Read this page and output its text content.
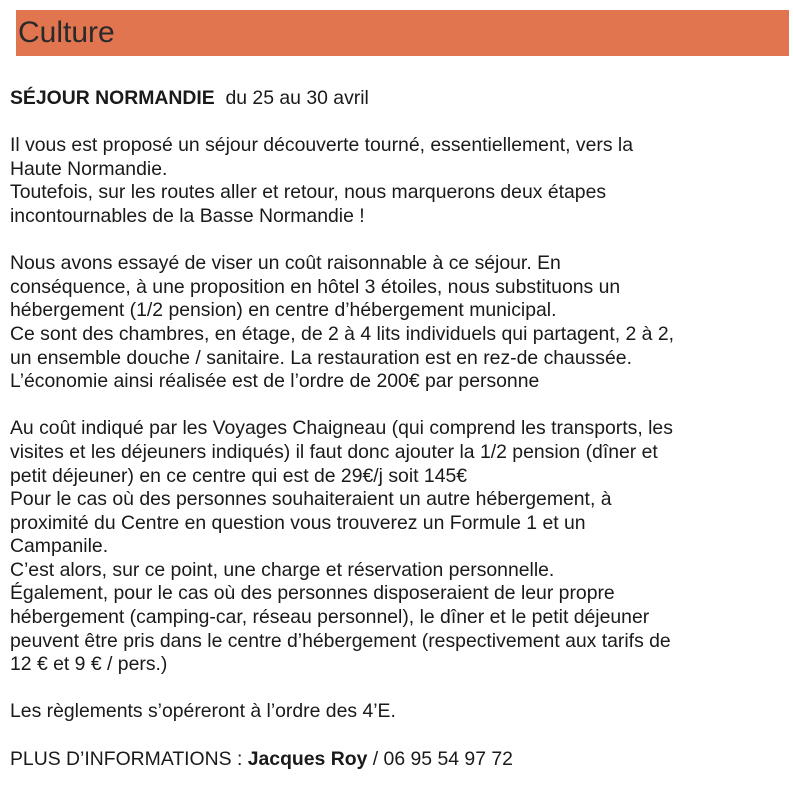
Culture
SÉJOUR NORMANDIE  du 25 au 30 avril
Il vous est proposé un séjour découverte tourné, essentiellement, vers la
Haute Normandie.
Toutefois, sur les routes aller et retour, nous marquerons deux étapes
incontournables de la Basse Normandie !
Nous avons essayé de viser un coût raisonnable à ce séjour. En
conséquence, à une proposition en hôtel 3 étoiles, nous substituons un
hébergement (1/2 pension) en centre d’hébergement municipal.
Ce sont des chambres, en étage, de 2 à 4 lits individuels qui partagent, 2 à 2,
un ensemble douche / sanitaire. La restauration est en rez-de chaussée.
L’économie ainsi réalisée est de l’ordre de 200€ par personne
Au coût indiqué par les Voyages Chaigneau (qui comprend les transports, les
visites et les déjeuners indiqués) il faut donc ajouter la 1/2 pension (dîner et
petit déjeuner) en ce centre qui est de 29€/j soit 145€
Pour le cas où des personnes souhaiteraient un autre hébergement, à
proximité du Centre en question vous trouverez un Formule 1 et un
Campanile.
C’est alors, sur ce point, une charge et réservation personnelle.
Également, pour le cas où des personnes disposeraient de leur propre
hébergement (camping-car, réseau personnel), le dîner et le petit déjeuner
peuvent être pris dans le centre d’hébergement (respectivement aux tarifs de
12 € et 9 € / pers.)
Les règlements s’opéreront à l’ordre des 4’E.
PLUS D’INFORMATIONS : Jacques Roy / 06 95 54 97 72
